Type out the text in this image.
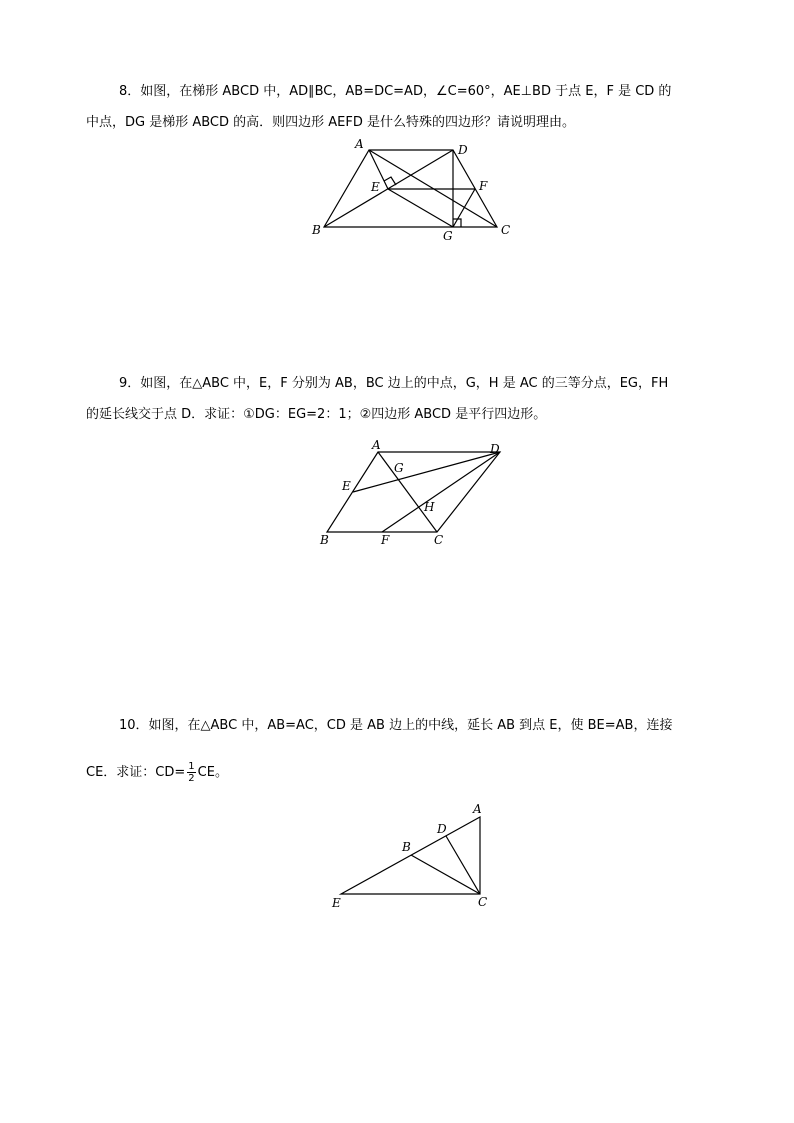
8．如图，在梯形 ABCD 中，AD∥BC，AB=DC=AD，∠C=60°，AE⊥BD 于点 E，F 是 CD 的

中点，DG 是梯形 ABCD 的高．则四边形 AEFD 是什么特殊的四边形？请说明理由。

A	D
E	F
B	G	C

9．如图，在△ABC 中，E，F 分别为 AB，BC 边上的中点，G，H 是 AC 的三等分点，EG，FH

的延长线交于点 D．求证：①DG：EG=2：1；②四边形 ABCD 是平行四边形。

A
G
D
E
H
B	F	C

10．如图，在△ABC 中，AB=AC，CD 是 AB 边上的中线，延长 AB 到点 E，使 BE=AB，连接

CE．求证：$CD= \frac{1}{2}$ CE。

A
D
B
E	C
